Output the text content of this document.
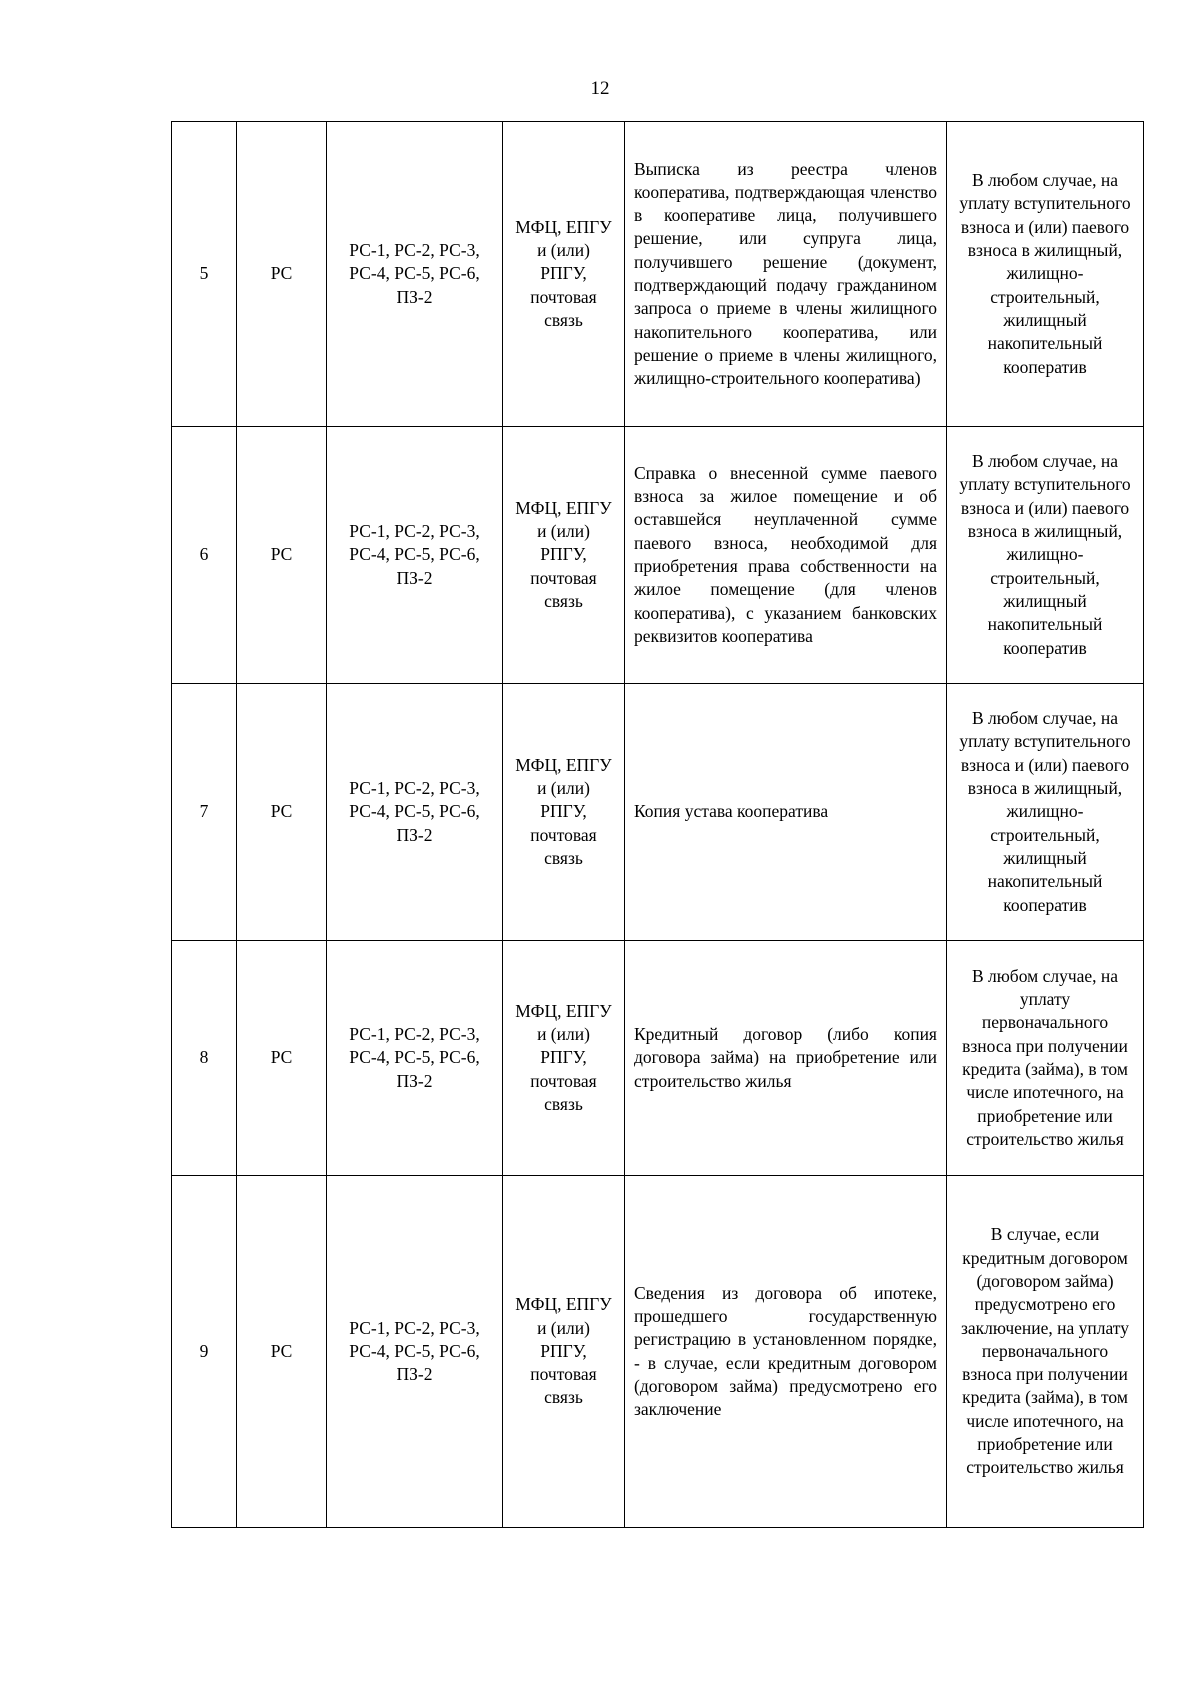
12
5	РС	РС-1, РС-2, РС-3, РС-4, РС-5, РС-6, ПЗ-2	МФЦ, ЕПГУ и (или) РПГУ, почтовая связь	Выписка из реестра членов кооператива, подтверждающая членство в кооперативе лица, получившего решение, или супруга лица, получившего решение (документ, подтверждающий подачу гражданином запроса о приеме в члены жилищного накопительного кооператива, или решение о приеме в члены жилищного, жилищно-строительного кооператива)	В любом случае, на уплату вступительного взноса и (или) паевого взноса в жилищный, жилищно-строительный, жилищный накопительный кооператив
6	РС	РС-1, РС-2, РС-3, РС-4, РС-5, РС-6, ПЗ-2	МФЦ, ЕПГУ и (или) РПГУ, почтовая связь	Справка о внесенной сумме паевого взноса за жилое помещение и об оставшейся неуплаченной сумме паевого взноса, необходимой для приобретения права собственности на жилое помещение (для членов кооператива), с указанием банковских реквизитов кооператива	В любом случае, на уплату вступительного взноса и (или) паевого взноса в жилищный, жилищно-строительный, жилищный накопительный кооператив
7	РС	РС-1, РС-2, РС-3, РС-4, РС-5, РС-6, ПЗ-2	МФЦ, ЕПГУ и (или) РПГУ, почтовая связь	Копия устава кооператива	В любом случае, на уплату вступительного взноса и (или) паевого взноса в жилищный, жилищно-строительный, жилищный накопительный кооператив
8	РС	РС-1, РС-2, РС-3, РС-4, РС-5, РС-6, ПЗ-2	МФЦ, ЕПГУ и (или) РПГУ, почтовая связь	Кредитный договор (либо копия договора займа) на приобретение или строительство жилья	В любом случае, на уплату первоначального взноса при получении кредита (займа), в том числе ипотечного, на приобретение или строительство жилья
9	РС	РС-1, РС-2, РС-3, РС-4, РС-5, РС-6, ПЗ-2	МФЦ, ЕПГУ и (или) РПГУ, почтовая связь	Сведения из договора об ипотеке, прошедшего государственную регистрацию в установленном порядке, - в случае, если кредитным договором (договором займа) предусмотрено его заключение	В случае, если кредитным договором (договором займа) предусмотрено его заключение, на уплату первоначального взноса при получении кредита (займа), в том числе ипотечного, на приобретение или строительство жилья
